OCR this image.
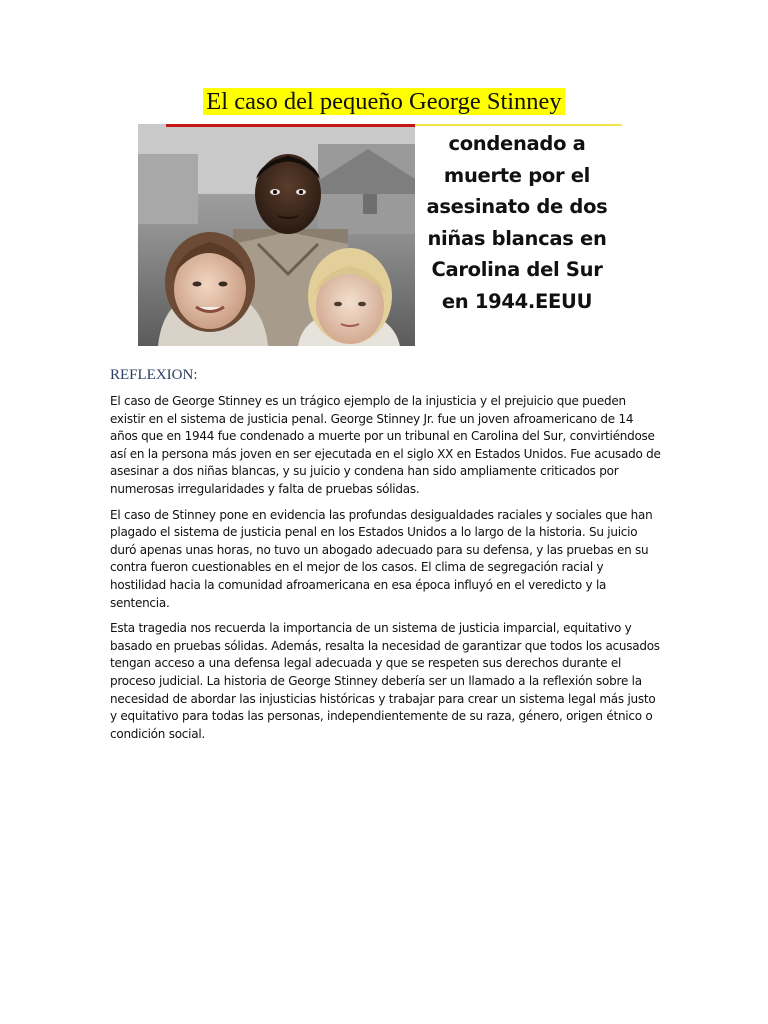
El caso del pequeño George Stinney
condenado a
muerte por el
asesinato de dos
niñas blancas en
Carolina del Sur
en 1944.EEUU
REFLEXION:

El caso de George Stinney es un trágico ejemplo de la injusticia y el prejuicio que pueden existir en el sistema de justicia penal. George Stinney Jr. fue un joven afroamericano de 14 años que en 1944 fue condenado a muerte por un tribunal en Carolina del Sur, convirtiéndose así en la persona más joven en ser ejecutada en el siglo XX en Estados Unidos. Fue acusado de asesinar a dos niñas blancas, y su juicio y condena han sido ampliamente criticados por numerosas irregularidades y falta de pruebas sólidas.

El caso de Stinney pone en evidencia las profundas desigualdades raciales y sociales que han plagado el sistema de justicia penal en los Estados Unidos a lo largo de la historia. Su juicio duró apenas unas horas, no tuvo un abogado adecuado para su defensa, y las pruebas en su contra fueron cuestionables en el mejor de los casos. El clima de segregación racial y hostilidad hacia la comunidad afroamericana en esa época influyó en el veredicto y la sentencia.

Esta tragedia nos recuerda la importancia de un sistema de justicia imparcial, equitativo y basado en pruebas sólidas. Además, resalta la necesidad de garantizar que todos los acusados tengan acceso a una defensa legal adecuada y que se respeten sus derechos durante el proceso judicial. La historia de George Stinney debería ser un llamado a la reflexión sobre la necesidad de abordar las injusticias históricas y trabajar para crear un sistema legal más justo y equitativo para todas las personas, independientemente de su raza, género, origen étnico o condición social.
